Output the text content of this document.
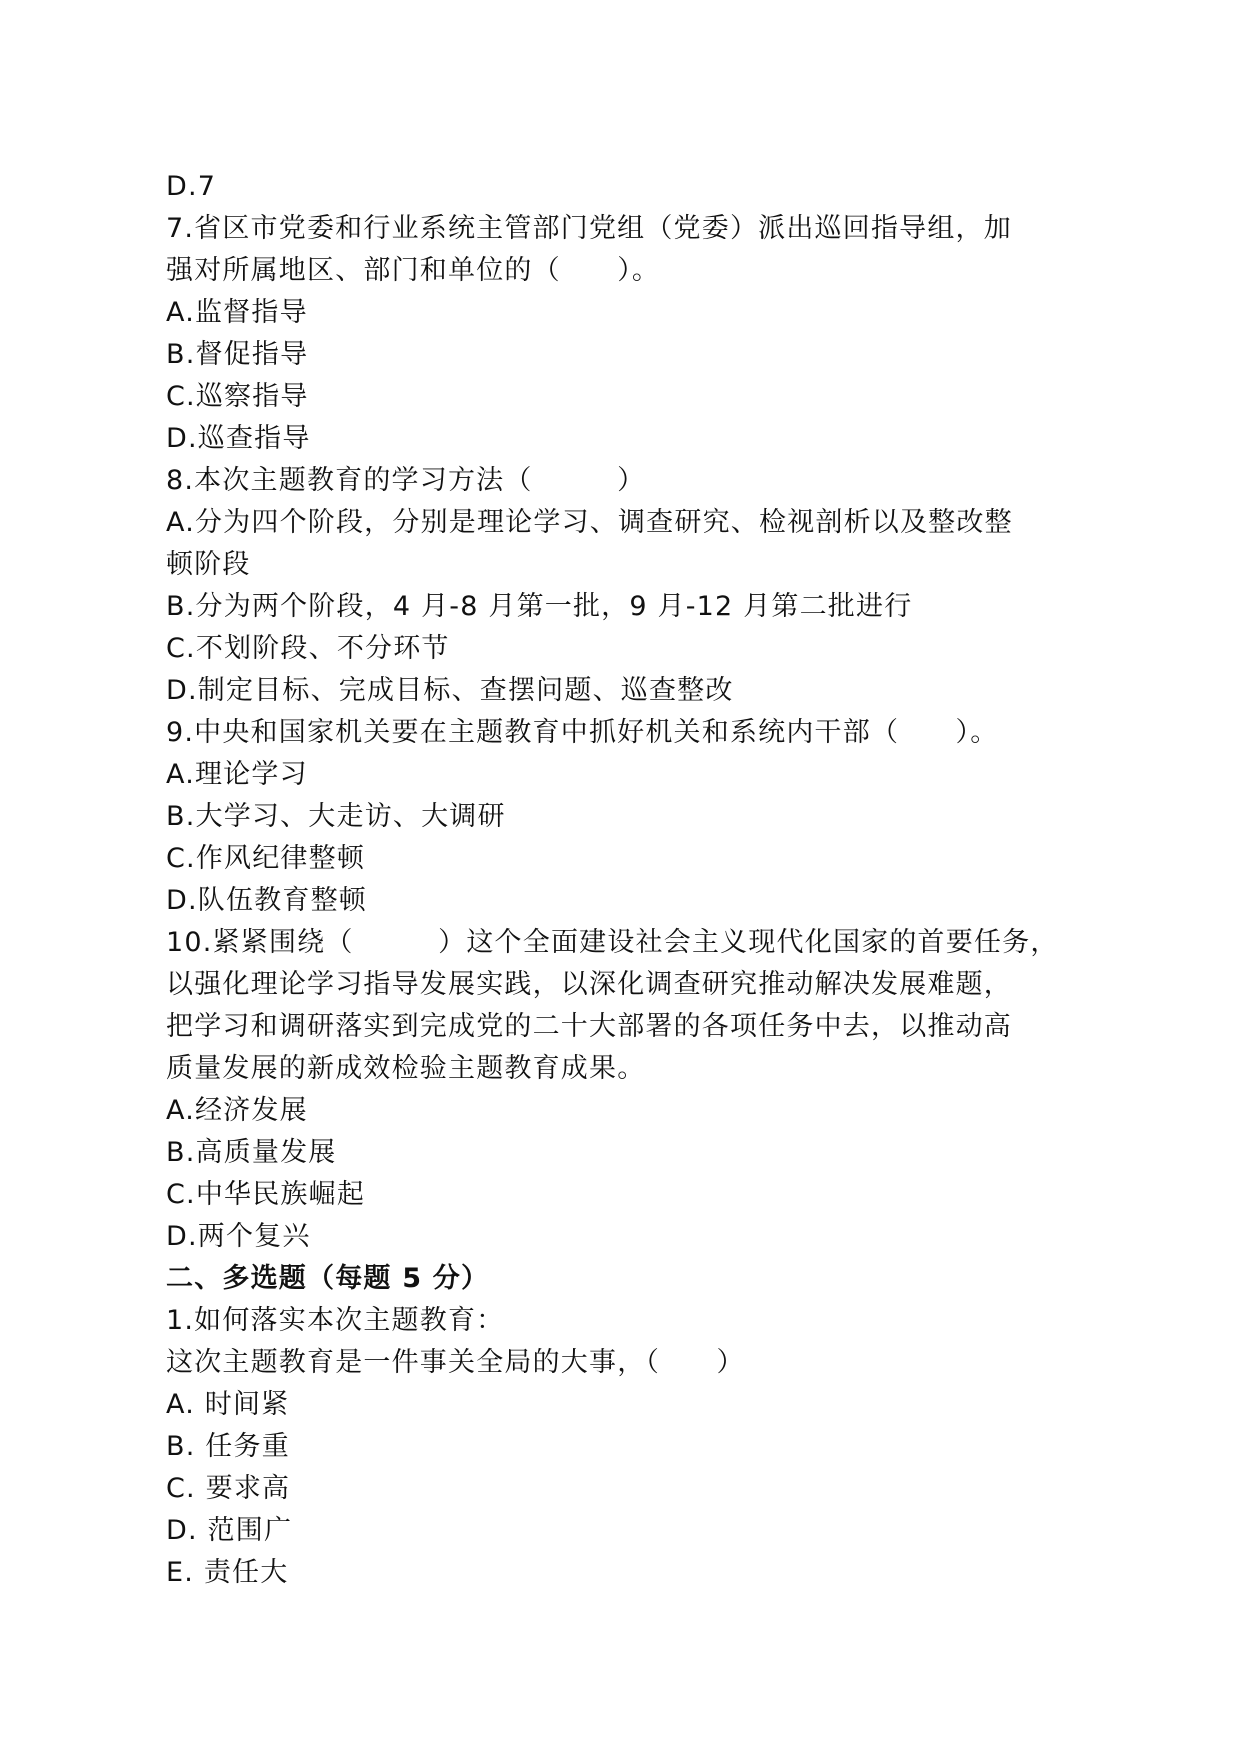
D.7
7.省区市党委和行业系统主管部门党组（党委）派出巡回指导组，加
强对所属地区、部门和单位的（　　）。
A.监督指导
B.督促指导
C.巡察指导
D.巡查指导
8.本次主题教育的学习方法（　　　）
A.分为四个阶段，分别是理论学习、调查研究、检视剖析以及整改整
顿阶段
B.分为两个阶段，4 月-8 月第一批，9 月-12 月第二批进行
C.不划阶段、不分环节
D.制定目标、完成目标、查摆问题、巡查整改
9.中央和国家机关要在主题教育中抓好机关和系统内干部（　　）。
A.理论学习
B.大学习、大走访、大调研
C.作风纪律整顿
D.队伍教育整顿
10.紧紧围绕（　　　）这个全面建设社会主义现代化国家的首要任务，
以强化理论学习指导发展实践，以深化调查研究推动解决发展难题，
把学习和调研落实到完成党的二十大部署的各项任务中去，以推动高
质量发展的新成效检验主题教育成果。
A.经济发展
B.高质量发展
C.中华民族崛起
D.两个复兴
二、多选题（每题 5 分）
1.如何落实本次主题教育：
这次主题教育是一件事关全局的大事，（　　）
A. 时间紧
B. 任务重
C. 要求高
D. 范围广
E. 责任大
